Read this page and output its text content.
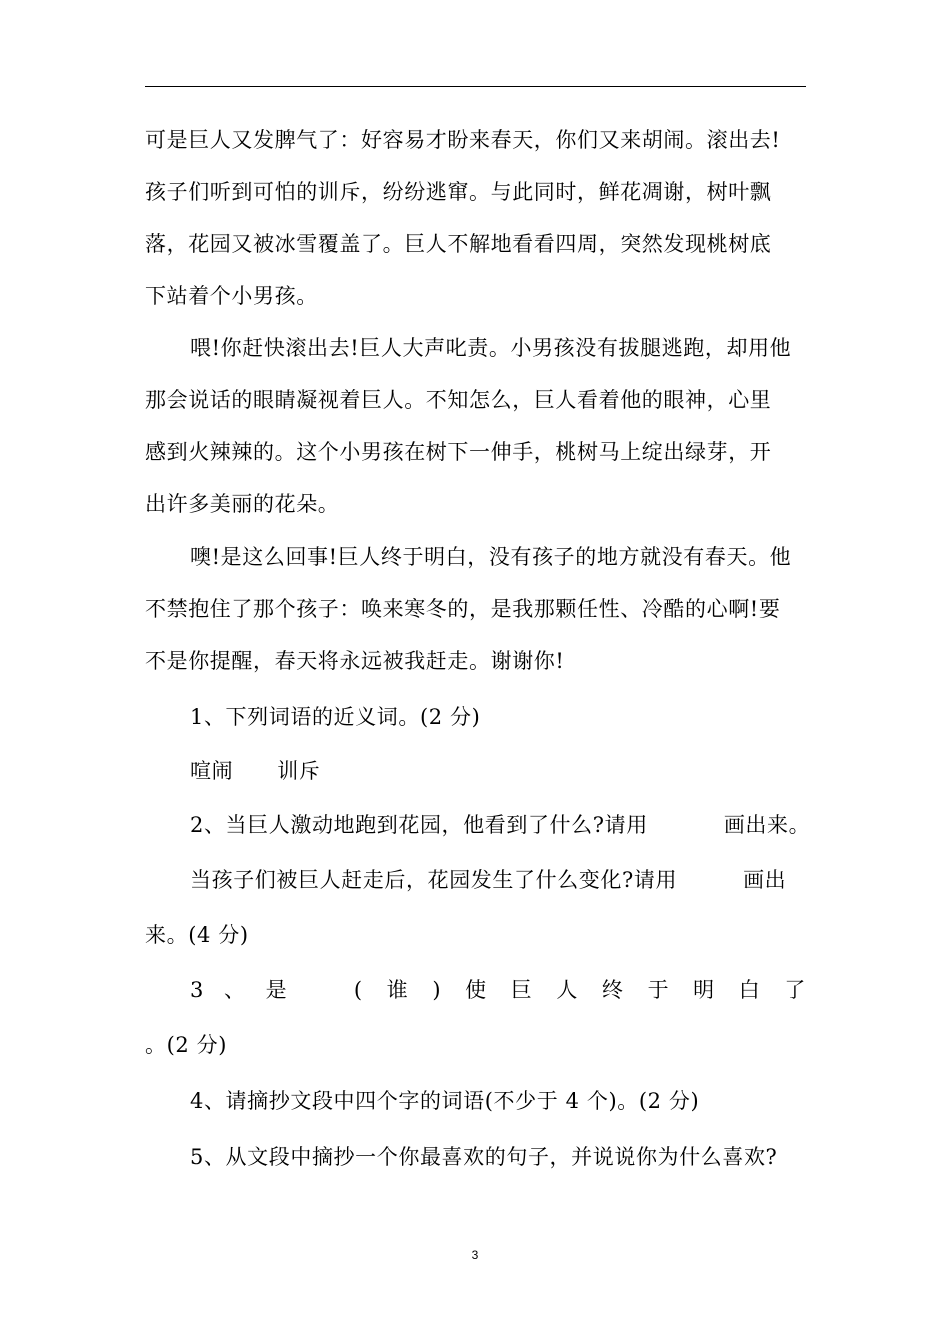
可是巨人又发脾气了：好容易才盼来春天，你们又来胡闹。滚出去!
孩子们听到可怕的训斥，纷纷逃窜。与此同时，鲜花凋谢，树叶飘
落，花园又被冰雪覆盖了。巨人不解地看看四周，突然发现桃树底
下站着个小男孩。
喂!你赶快滚出去!巨人大声叱责。小男孩没有拔腿逃跑，却用他
那会说话的眼睛凝视着巨人。不知怎么，巨人看着他的眼神，心里
感到火辣辣的。这个小男孩在树下一伸手，桃树马上绽出绿芽，开
出许多美丽的花朵。
噢!是这么回事!巨人终于明白，没有孩子的地方就没有春天。他
不禁抱住了那个孩子：唤来寒冬的，是我那颗任性、冷酷的心啊!要
不是你提醒，春天将永远被我赶走。谢谢你!
1、下列词语的近义词。(2 分)
喧闹 训斥
2、当巨人激动地跑到花园，他看到了什么?请用	画出来。
当孩子们被巨人赶走后，花园发生了什么变化?请用	画出
来。(4 分)
3 、 是	( 谁 ) 使 巨 人 终 于 明 白 了
。(2 分)
4、请摘抄文段中四个字的词语(不少于 4 个)。(2 分)
5、从文段中摘抄一个你最喜欢的句子，并说说你为什么喜欢?
3
